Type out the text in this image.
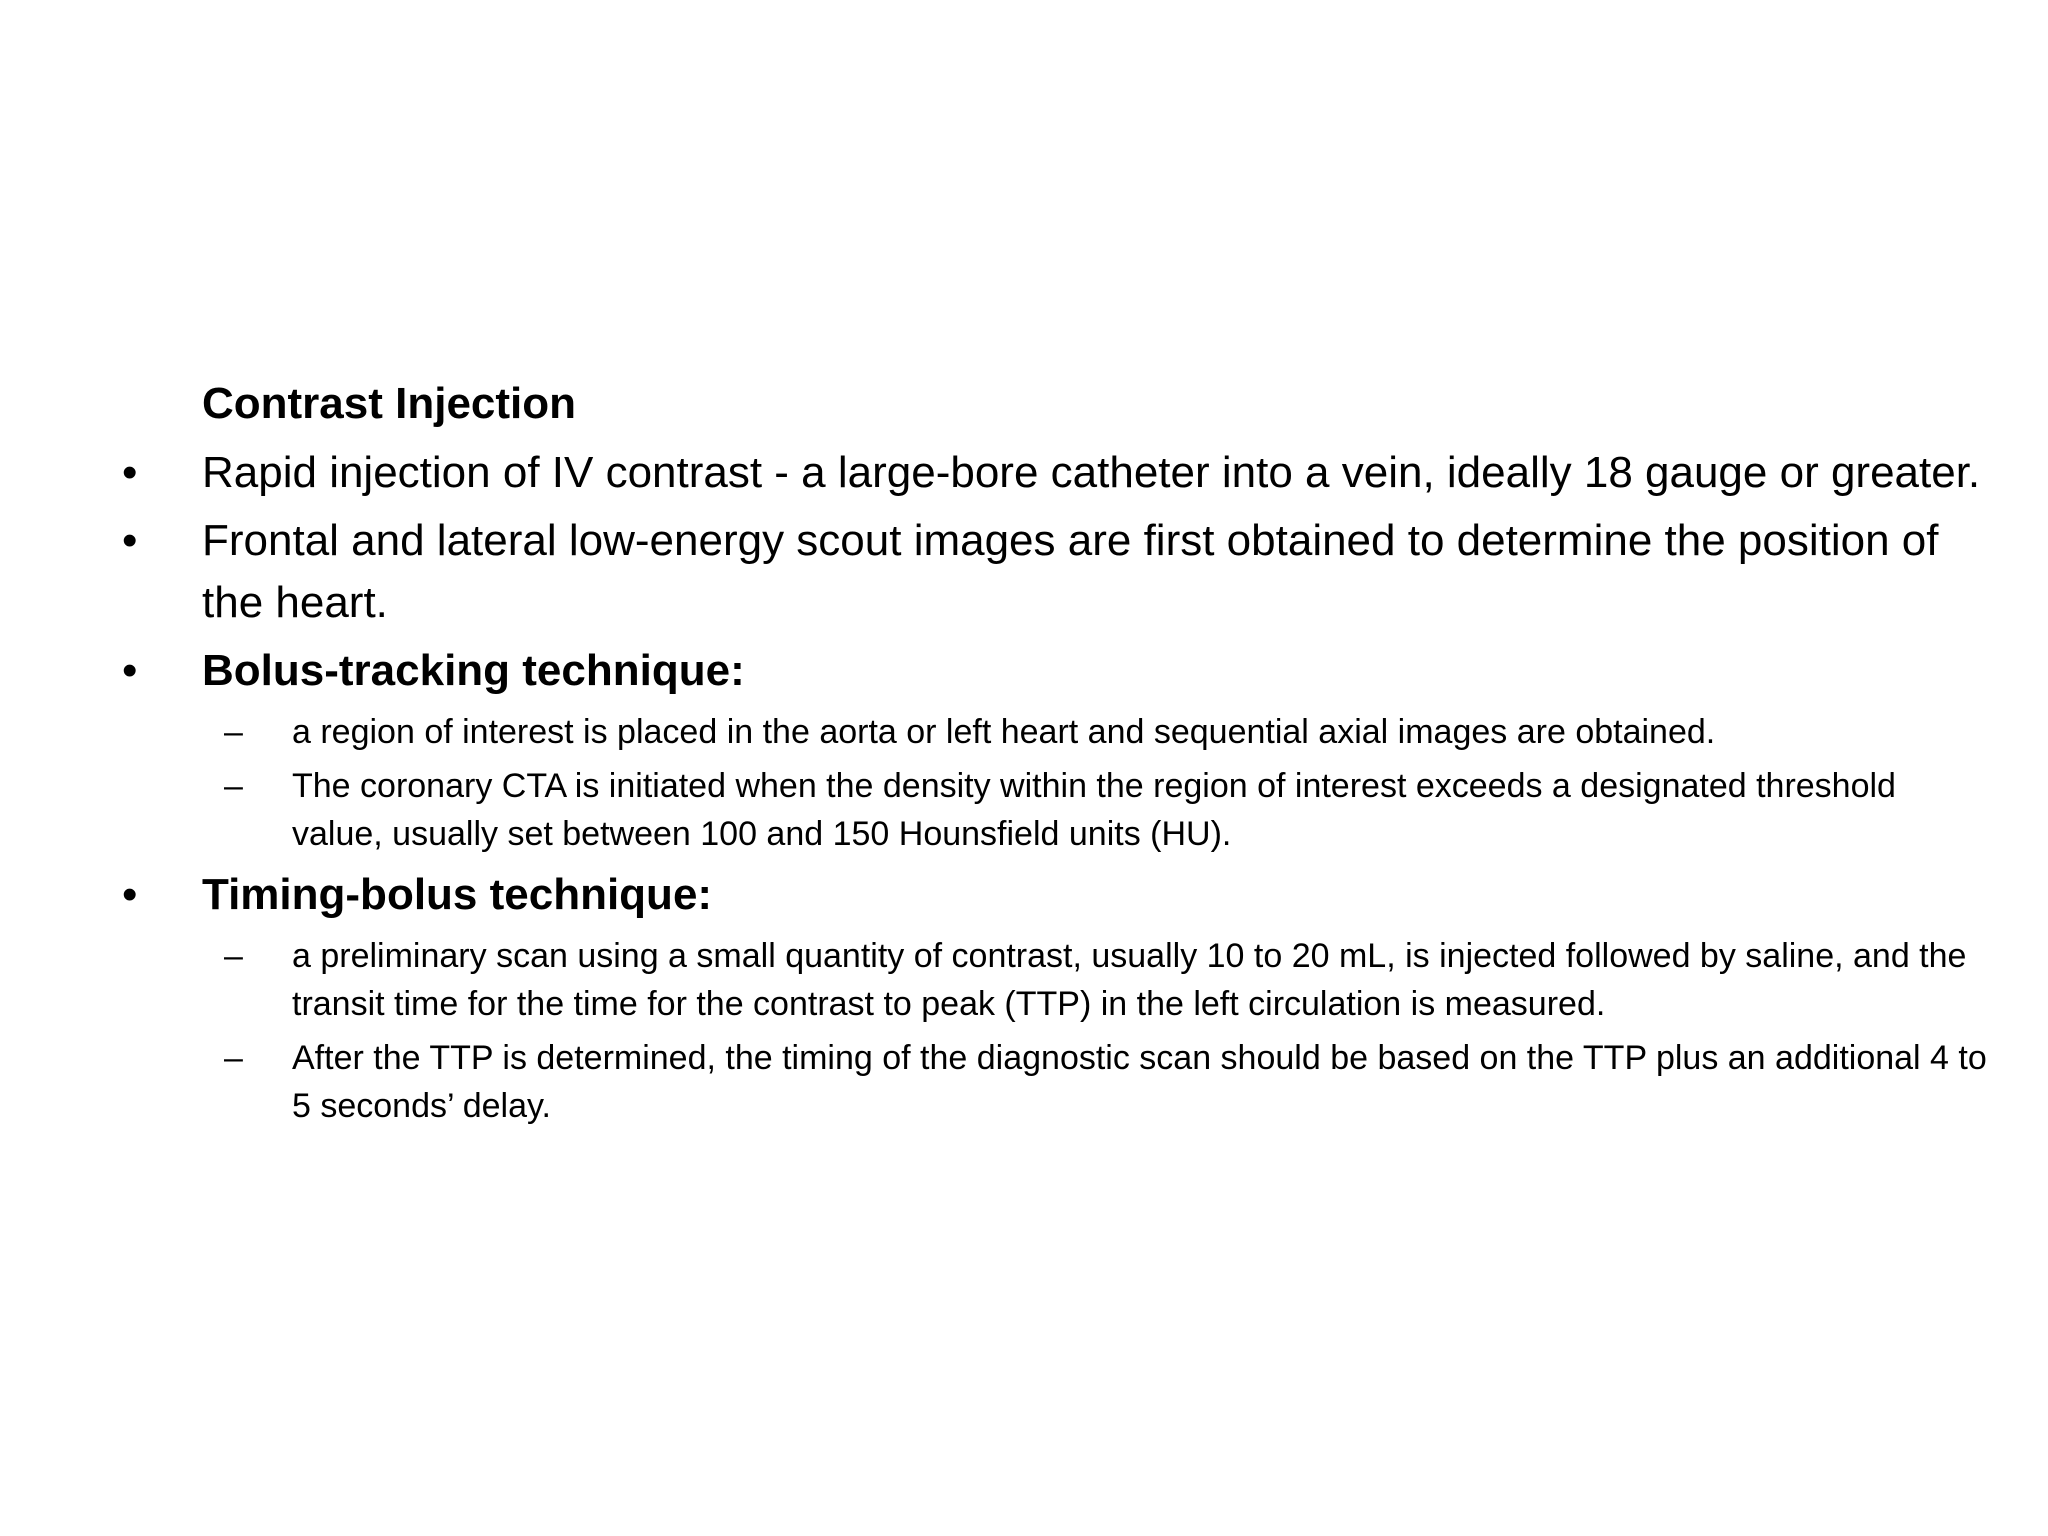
Contrast Injection
• Rapid injection of IV contrast - a large-bore catheter into a vein, ideally 18 gauge or greater.
• Frontal and lateral low-energy scout images are first obtained to determine the position of the heart.
• Bolus-tracking technique:
– a region of interest is placed in the aorta or left heart and sequential axial images are obtained.
– The coronary CTA is initiated when the density within the region of interest exceeds a designated threshold value, usually set between 100 and 150 Hounsfield units (HU).
• Timing-bolus technique:
– a preliminary scan using a small quantity of contrast, usually 10 to 20 mL, is injected followed by saline, and the transit time for the time for the contrast to peak (TTP) in the left circulation is measured.
– After the TTP is determined, the timing of the diagnostic scan should be based on the TTP plus an additional 4 to 5 seconds’ delay.
